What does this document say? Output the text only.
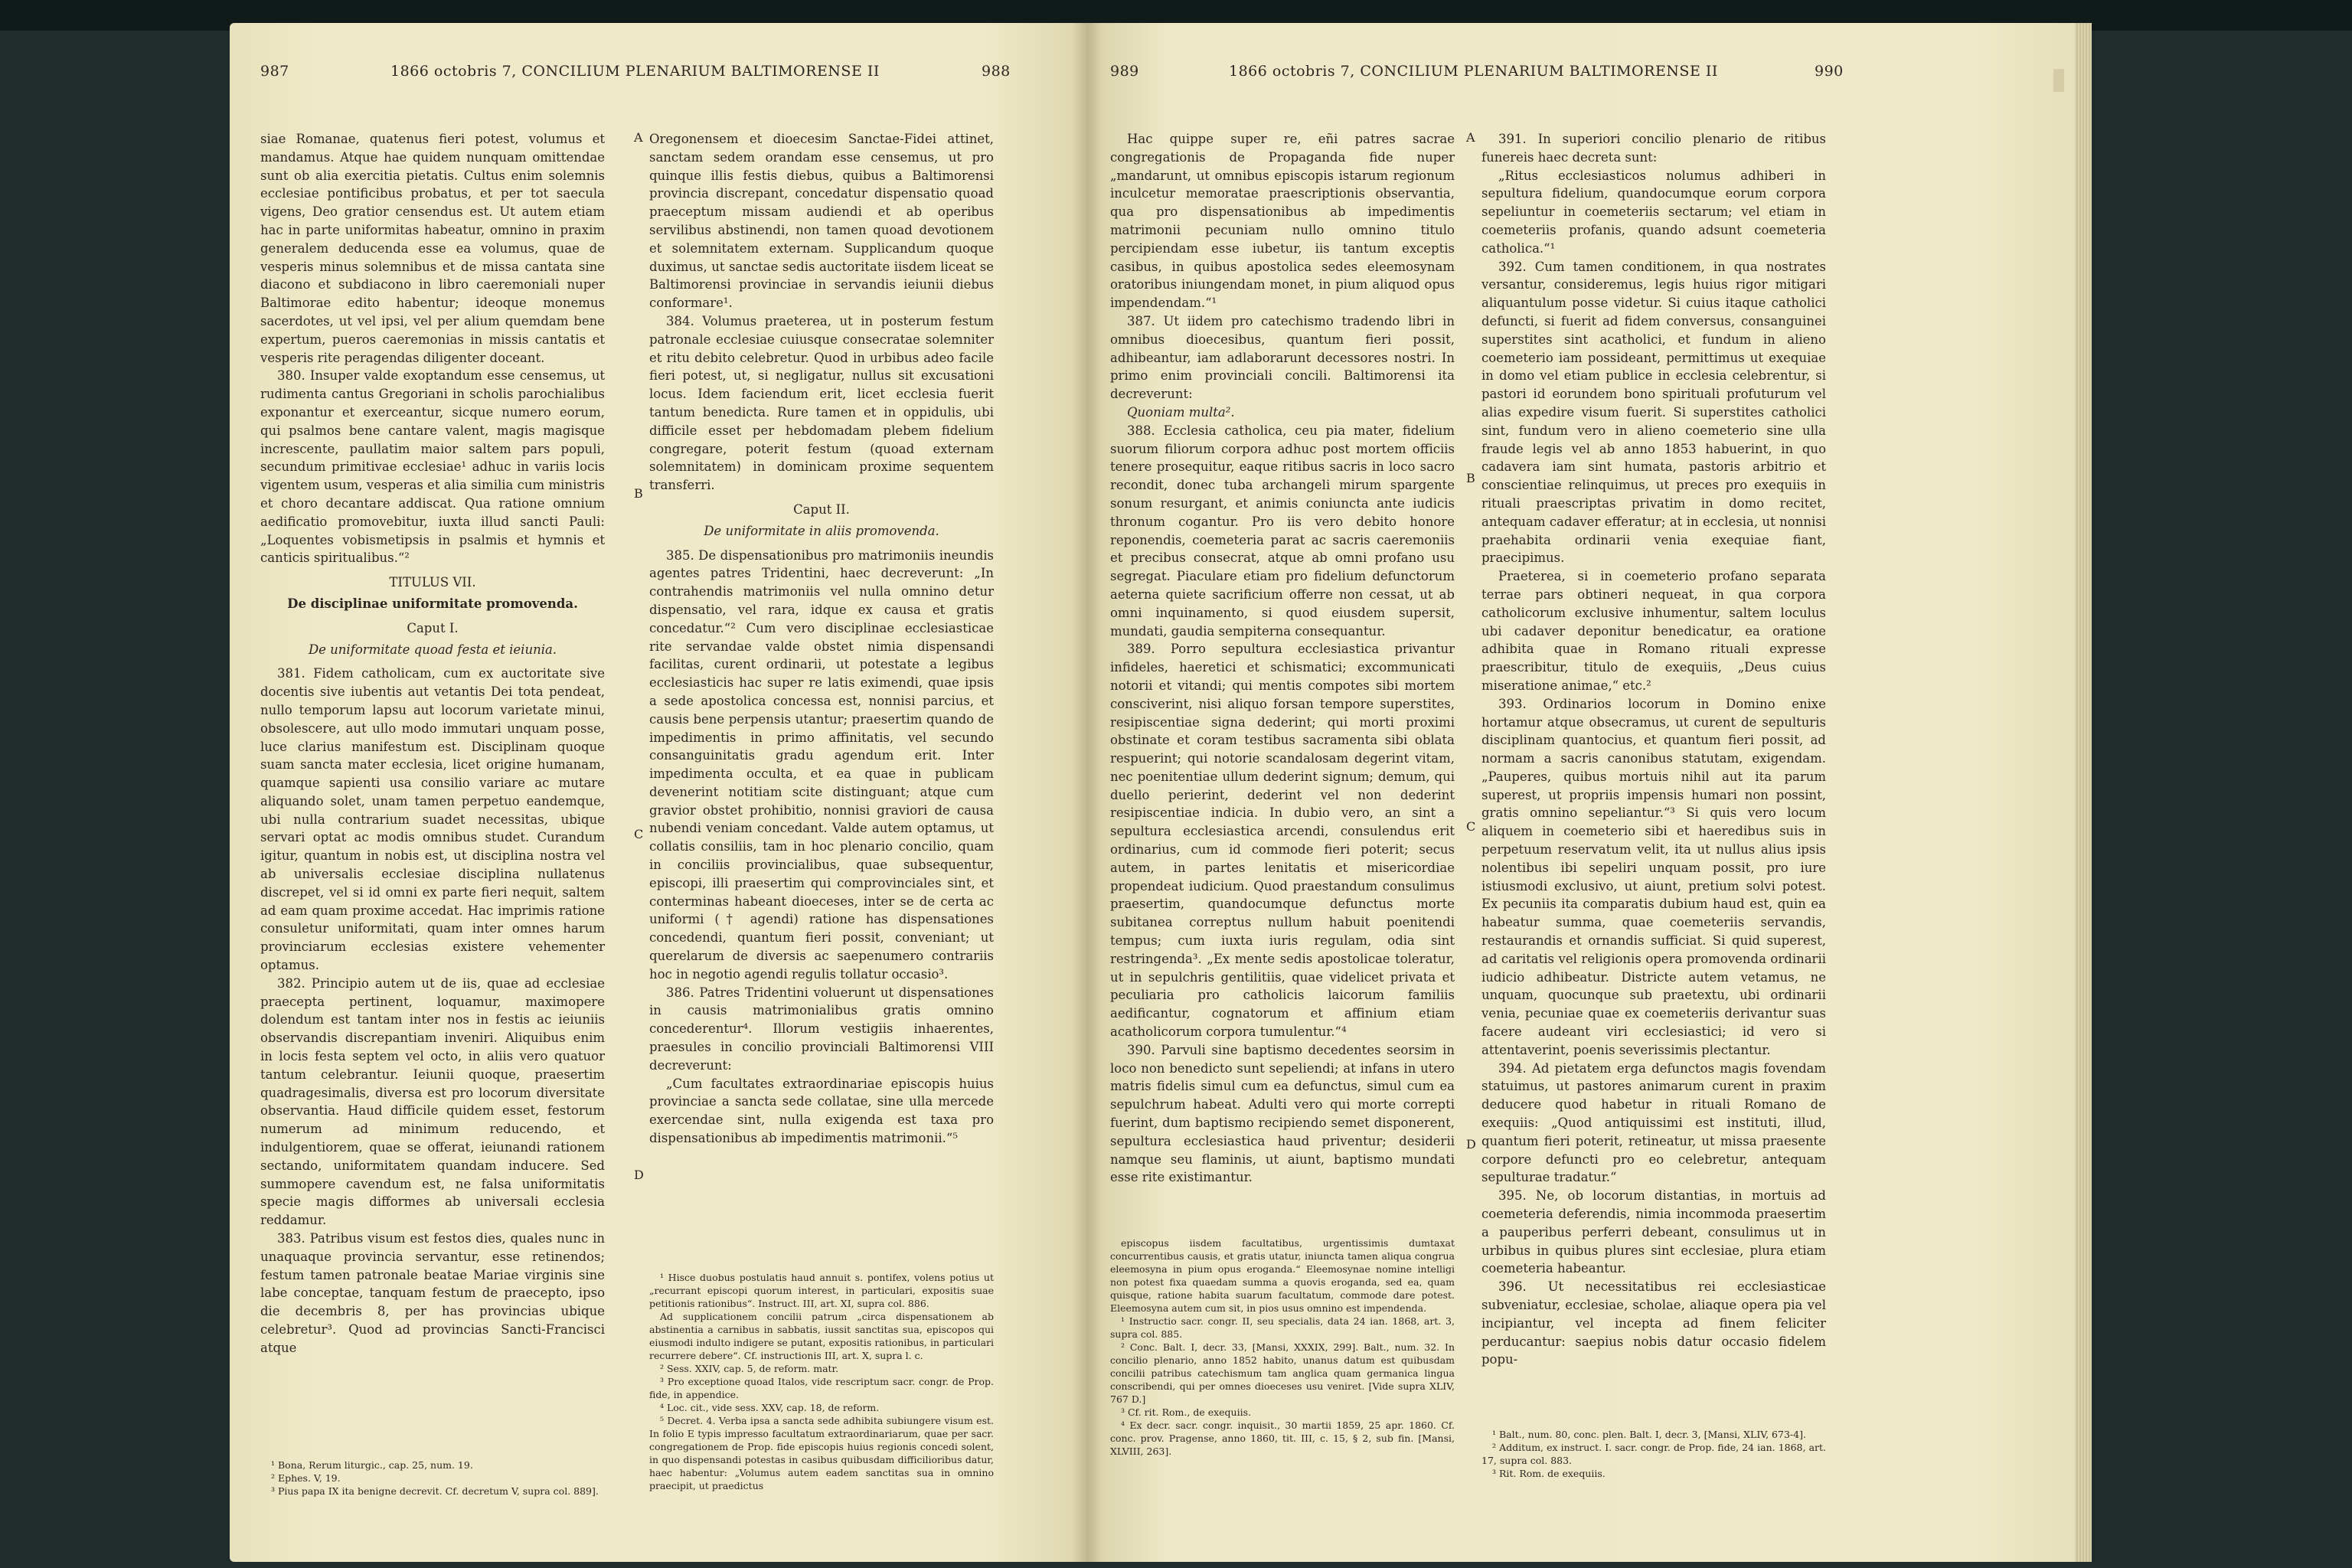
987	1866 octobris 7, CONCILIUM PLENARIUM BALTIMORENSE II	988

siae Romanae, quatenus fieri potest, volumus et mandamus. Atque hae quidem nunquam omittendae sunt ob alia exercitia pietatis. Cultus enim solemnis ecclesiae pontificibus probatus, et per tot saecula vigens, Deo gratior censendus est. Ut autem etiam hac in parte uniformitas habeatur, omnino in praxim generalem deducenda esse ea volumus, quae de vesperis minus solemnibus et de missa cantata sine diacono et subdiacono in libro caeremoniali nuper Baltimorae edito habentur; ideoque monemus sacerdotes, ut vel ipsi, vel per alium quemdam bene expertum, pueros caeremonias in missis cantatis et vesperis rite peragendas diligenter doceant.

380. Insuper valde exoptandum esse censemus, ut rudimenta cantus Gregoriani in scholis parochialibus exponantur et exerceantur, sicque numero eorum, qui psalmos bene cantare valent, magis magisque increscente, paullatim maior saltem pars populi, secundum primitivae ecclesiae¹ adhuc in variis locis vigentem usum, vesperas et alia similia cum ministris et choro decantare addiscat. Qua ratione omnium aedificatio promovebitur, iuxta illud sancti Pauli: „Loquentes vobismetipsis in psalmis et hymnis et canticis spiritualibus.“²

TITULUS VII.
De disciplinae uniformitate promovenda.
Caput I.
De uniformitate quoad festa et ieiunia.

381. Fidem catholicam, cum ex auctoritate sive docentis sive iubentis aut vetantis Dei tota pendeat, nullo temporum lapsu aut locorum varietate minui, obsolescere, aut ullo modo immutari unquam posse, luce clarius manifestum est. Disciplinam quoque suam sancta mater ecclesia, licet origine humanam, quamque sapienti usa consilio variare ac mutare aliquando solet, unam tamen perpetuo eandemque, ubi nulla contrarium suadet necessitas, ubique servari optat ac modis omnibus studet. Curandum igitur, quantum in nobis est, ut disciplina nostra vel ab universalis ecclesiae disciplina nullatenus discrepet, vel si id omni ex parte fieri nequit, saltem ad eam quam proxime accedat. Hac imprimis ratione consuletur uniformitati, quam inter omnes harum provinciarum ecclesias existere vehementer optamus.

382. Principio autem ut de iis, quae ad ecclesiae praecepta pertinent, loquamur, maximopere dolendum est tantam inter nos in festis ac ieiuniis observandis discrepantiam inveniri. Aliquibus enim in locis festa septem vel octo, in aliis vero quatuor tantum celebrantur. Ieiunii quoque, praesertim quadragesimalis, diversa est pro locorum diversitate observantia. Haud difficile quidem esset, festorum numerum ad minimum reducendo, et indulgentiorem, quae se offerat, ieiunandi rationem sectando, uniformitatem quandam inducere. Sed summopere cavendum est, ne falsa uniformitatis specie magis difformes ab universali ecclesia reddamur.

383. Patribus visum est festos dies, quales nunc in unaquaque provincia servantur, esse retinendos; festum tamen patronale beatae Mariae virginis sine labe conceptae, tanquam festum de praecepto, ipso die decembris 8, per has provincias ubique celebretur³. Quod ad provincias Sancti-Francisci atque

¹ Bona, Rerum liturgic., cap. 25, num. 19.

² Ephes. V, 19.

³ Pius papa IX ita benigne decrevit. Cf. decretum V, supra col. 889].

A
B
C
D

Oregonensem et dioecesim Sanctae-Fidei attinet, sanctam sedem orandam esse censemus, ut pro quinque illis festis diebus, quibus a Baltimorensi provincia discrepant, concedatur dispensatio quoad praeceptum missam audiendi et ab operibus servilibus abstinendi, non tamen quoad devotionem et solemnitatem externam. Supplicandum quoque duximus, ut sanctae sedis auctoritate iisdem liceat se Baltimorensi provinciae in servandis ieiunii diebus conformare¹.

384. Volumus praeterea, ut in posterum festum patronale ecclesiae cuiusque consecratae solemniter et ritu debito celebretur. Quod in urbibus adeo facile fieri potest, ut, si negligatur, nullus sit excusationi locus. Idem faciendum erit, licet ecclesia fuerit tantum benedicta. Rure tamen et in oppidulis, ubi difficile esset per hebdomadam plebem fidelium congregare, poterit festum (quoad externam solemnitatem) in dominicam proxime sequentem transferri.

Caput II.
De uniformitate in aliis promovenda.

385. De dispensationibus pro matrimoniis ineundis agentes patres Tridentini, haec decreverunt: „In contrahendis matrimoniis vel nulla omnino detur dispensatio, vel rara, idque ex causa et gratis concedatur.“² Cum vero disciplinae ecclesiasticae rite servandae valde obstet nimia dispensandi facilitas, curent ordinarii, ut potestate a legibus ecclesiasticis hac super re latis eximendi, quae ipsis a sede apostolica concessa est, nonnisi parcius, et causis bene perpensis utantur; praesertim quando de impedimentis in primo affinitatis, vel secundo consanguinitatis gradu agendum erit. Inter impedimenta occulta, et ea quae in publicam devenerint notitiam scite distinguant; atque cum gravior obstet prohibitio, nonnisi graviori de causa nubendi veniam concedant. Valde autem optamus, ut collatis consiliis, tam in hoc plenario concilio, quam in conciliis provincialibus, quae subsequentur, episcopi, illi praesertim qui comprovinciales sint, et conterminas habeant dioeceses, inter se de certa ac uniformi († agendi) ratione has dispensationes concedendi, quantum fieri possit, conveniant; ut querelarum de diversis ac saepenumero contrariis hoc in negotio agendi regulis tollatur occasio³.

386. Patres Tridentini voluerunt ut dispensationes in causis matrimonialibus gratis omnino concederentur⁴. Illorum vestigiis inhaerentes, praesules in concilio provinciali Baltimorensi VIII decreverunt:

„Cum facultates extraordinariae episcopis huius provinciae a sancta sede collatae, sine ulla mercede exercendae sint, nulla exigenda est taxa pro dispensationibus ab impedimentis matrimonii.“⁵

¹ Hisce duobus postulatis haud annuit s. pontifex, volens potius ut „recurrant episcopi quorum interest, in particulari, expositis suae petitionis rationibus“. Instruct. III, art. XI, supra col. 886.

Ad supplicationem concilii patrum „circa dispensationem ab abstinentia a carnibus in sabbatis, iussit sanctitas sua, episcopos qui eiusmodi indulto indigere se putant, expositis rationibus, in particulari recurrere debere“. Cf. instructionis III, art. X, supra l. c.

² Sess. XXIV, cap. 5, de reform. matr.

³ Pro exceptione quoad Italos, vide rescriptum sacr. congr. de Prop. fide, in appendice.

⁴ Loc. cit., vide sess. XXV, cap. 18, de reform.

⁵ Decret. 4. Verba ipsa a sancta sede adhibita subiungere visum est. In folio E typis impresso facultatum extraordinariarum, quae per sacr. congregationem de Prop. fide episcopis huius regionis concedi solent, in quo dispensandi potestas in casibus quibusdam difficilioribus datur, haec habentur: „Volumus autem eadem sanctitas sua in omnino praecipit, ut praedictus

989	1866 octobris 7, CONCILIUM PLENARIUM BALTIMORENSE II	990

Hac quippe super re, eñi patres sacrae congregationis de Propaganda fide nuper „mandarunt, ut omnibus episcopis istarum regionum inculcetur memoratae praescriptionis observantia, qua pro dispensationibus ab impedimentis matrimonii pecuniam nullo omnino titulo percipiendam esse iubetur, iis tantum exceptis casibus, in quibus apostolica sedes eleemosynam oratoribus iniungendam monet, in pium aliquod opus impendendam.“¹

387. Ut iidem pro catechismo tradendo libri in omnibus dioecesibus, quantum fieri possit, adhibeantur, iam adlaborarunt decessores nostri. In primo enim provinciali concili. Baltimorensi ita decreverunt:

Quoniam multa².

388. Ecclesia catholica, ceu pia mater, fidelium suorum filiorum corpora adhuc post mortem officiis tenere prosequitur, eaque ritibus sacris in loco sacro recondit, donec tuba archangeli mirum spargente sonum resurgant, et animis coniuncta ante iudicis thronum cogantur. Pro iis vero debito honore reponendis, coemeteria parat ac sacris caeremoniis et precibus consecrat, atque ab omni profano usu segregat. Piaculare etiam pro fidelium defunctorum aeterna quiete sacrificium offerre non cessat, ut ab omni inquinamento, si quod eiusdem supersit, mundati, gaudia sempiterna consequantur.

389. Porro sepultura ecclesiastica privantur infideles, haeretici et schismatici; excommunicati notorii et vitandi; qui mentis compotes sibi mortem consciverint, nisi aliquo forsan tempore superstites, resipiscentiae signa dederint; qui morti proximi obstinate et coram testibus sacramenta sibi oblata respuerint; qui notorie scandalosam degerint vitam, nec poenitentiae ullum dederint signum; demum, qui duello perierint, dederint vel non dederint resipiscentiae indicia. In dubio vero, an sint a sepultura ecclesiastica arcendi, consulendus erit ordinarius, cum id commode fieri poterit; secus autem, in partes lenitatis et misericordiae propendeat iudicium. Quod praestandum consulimus praesertim, quandocumque defunctus morte subitanea correptus nullum habuit poenitendi tempus; cum iuxta iuris regulam, odia sint restringenda³. „Ex mente sedis apostolicae toleratur, ut in sepulchris gentilitiis, quae videlicet privata et peculiaria pro catholicis laicorum familiis aedificantur, cognatorum et affinium etiam acatholicorum corpora tumulentur.“⁴

390. Parvuli sine baptismo decedentes seorsim in loco non benedicto sunt sepeliendi; at infans in utero matris fidelis simul cum ea defunctus, simul cum ea sepulchrum habeat. Adulti vero qui morte correpti fuerint, dum baptismo recipiendo semet disponerent, sepultura ecclesiastica haud priventur; desiderii namque seu flaminis, ut aiunt, baptismo mundati esse rite existimantur.

episcopus iisdem facultatibus, urgentissimis dumtaxat concurrentibus causis, et gratis utatur, iniuncta tamen aliqua congrua eleemosyna in pium opus eroganda.“ Eleemosynae nomine intelligi non potest fixa quaedam summa a quovis eroganda, sed ea, quam quisque, ratione habita suarum facultatum, commode dare potest. Eleemosyna autem cum sit, in pios usus omnino est impendenda.

¹ Instructio sacr. congr. II, seu specialis, data 24 ian. 1868, art. 3, supra col. 885.

² Conc. Balt. I, decr. 33, [Mansi, XXXIX, 299]. Balt., num. 32. In concilio plenario, anno 1852 habito, unanus datum est quibusdam concilii patribus catechismum tam anglica quam germanica lingua conscribendi, qui per omnes dioeceses usu veniret. [Vide supra XLIV, 767 D.]

³ Cf. rit. Rom., de exequiis.

⁴ Ex decr. sacr. congr. inquisit., 30 martii 1859, 25 apr. 1860. Cf. conc. prov. Pragense, anno 1860, tit. III, c. 15, § 2, sub fin. [Mansi, XLVIII, 263].

A
B
C
D

391. In superiori concilio plenario de ritibus funereis haec decreta sunt:

„Ritus ecclesiasticos nolumus adhiberi in sepultura fidelium, quandocumque eorum corpora sepeliuntur in coemeteriis sectarum; vel etiam in coemeteriis profanis, quando adsunt coemeteria catholica.“¹

392. Cum tamen conditionem, in qua nostrates versantur, consideremus, legis huius rigor mitigari aliquantulum posse videtur. Si cuius itaque catholici defuncti, si fuerit ad fidem conversus, consanguinei superstites sint acatholici, et fundum in alieno coemeterio iam possideant, permittimus ut exequiae in domo vel etiam publice in ecclesia celebrentur, si pastori id eorundem bono spirituali profuturum vel alias expedire visum fuerit. Si superstites catholici sint, fundum vero in alieno coemeterio sine ulla fraude legis vel ab anno 1853 habuerint, in quo cadavera iam sint humata, pastoris arbitrio et conscientiae relinquimus, ut preces pro exequiis in rituali praescriptas privatim in domo recitet, antequam cadaver efferatur; at in ecclesia, ut nonnisi praehabita ordinarii venia exequiae fiant, praecipimus.

Praeterea, si in coemeterio profano separata terrae pars obtineri nequeat, in qua corpora catholicorum exclusive inhumentur, saltem loculus ubi cadaver deponitur benedicatur, ea oratione adhibita quae in Romano rituali expresse praescribitur, titulo de exequiis, „Deus cuius miseratione animae,“ etc.²

393. Ordinarios locorum in Domino enixe hortamur atque obsecramus, ut curent de sepulturis disciplinam quantocius, et quantum fieri possit, ad normam a sacris canonibus statutam, exigendam. „Pauperes, quibus mortuis nihil aut ita parum superest, ut propriis impensis humari non possint, gratis omnino sepeliantur.“³ Si quis vero locum aliquem in coemeterio sibi et haeredibus suis in perpetuum reservatum velit, ita ut nullus alius ipsis nolentibus ibi sepeliri unquam possit, pro iure istiusmodi exclusivo, ut aiunt, pretium solvi potest. Ex pecuniis ita comparatis dubium haud est, quin ea habeatur summa, quae coemeteriis servandis, restaurandis et ornandis sufficiat. Si quid superest, ad caritatis vel religionis opera promovenda ordinarii iudicio adhibeatur. Districte autem vetamus, ne unquam, quocunque sub praetextu, ubi ordinarii venia, pecuniae quae ex coemeteriis derivantur suas facere audeant viri ecclesiastici; id vero si attentaverint, poenis severissimis plectantur.

394. Ad pietatem erga defunctos magis fovendam statuimus, ut pastores animarum curent in praxim deducere quod habetur in rituali Romano de exequiis: „Quod antiquissimi est instituti, illud, quantum fieri poterit, retineatur, ut missa praesente corpore defuncti pro eo celebretur, antequam sepulturae tradatur.“

395. Ne, ob locorum distantias, in mortuis ad coemeteria deferendis, nimia incommoda praesertim a pauperibus perferri debeant, consulimus ut in urbibus in quibus plures sint ecclesiae, plura etiam coemeteria habeantur.

396. Ut necessitatibus rei ecclesiasticae subveniatur, ecclesiae, scholae, aliaque opera pia vel incipiantur, vel incepta ad finem feliciter perducantur: saepius nobis datur occasio fidelem popu-

¹ Balt., num. 80, conc. plen. Balt. I, decr. 3, [Mansi, XLIV, 673-4].

² Additum, ex instruct. I. sacr. congr. de Prop. fide, 24 ian. 1868, art. 17, supra col. 883.

³ Rit. Rom. de exequiis.
